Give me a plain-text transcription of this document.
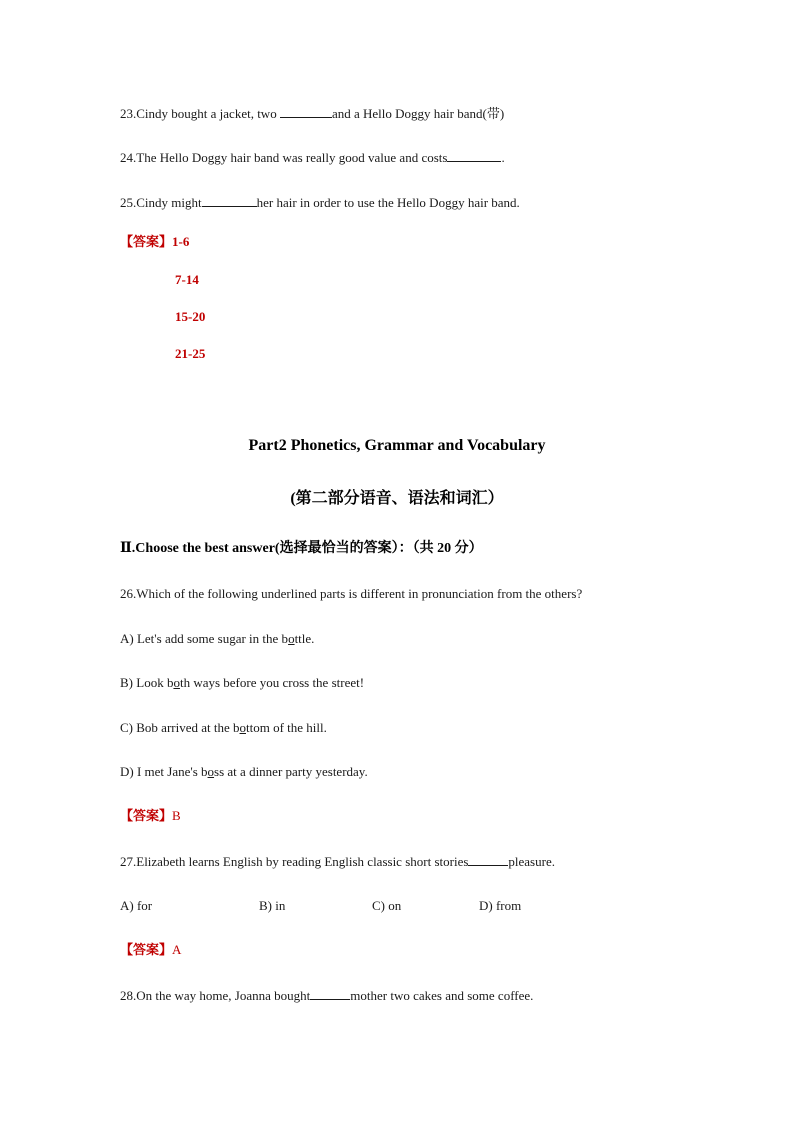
23.Cindy bought a jacket, two	and a Hello Doggy hair band(带)
24.The Hello Doggy hair band was really good value and costs	.
25.Cindy might	her hair in order to use the Hello Doggy hair band.
【答案】1-6
7-14
15-20
21-25
Part2 Phonetics, Grammar and Vocabulary
(第二部分语音、语法和词汇）
Ⅱ.Choose the best answer(选择最恰当的答案）：（共 20 分）
26.Which of the following underlined parts is different in pronunciation from the others?
A) Let's add some sugar in the bottle.
B) Look both ways before you cross the street!
C) Bob arrived at the bottom of the hill.
D) I met Jane's boss at a dinner party yesterday.
【答案】B
27.Elizabeth learns English by reading English classic short stories	pleasure.
A) for	B) in	C) on	D) from
【答案】A
28.On the way home, Joanna bought	mother two cakes and some coffee.
